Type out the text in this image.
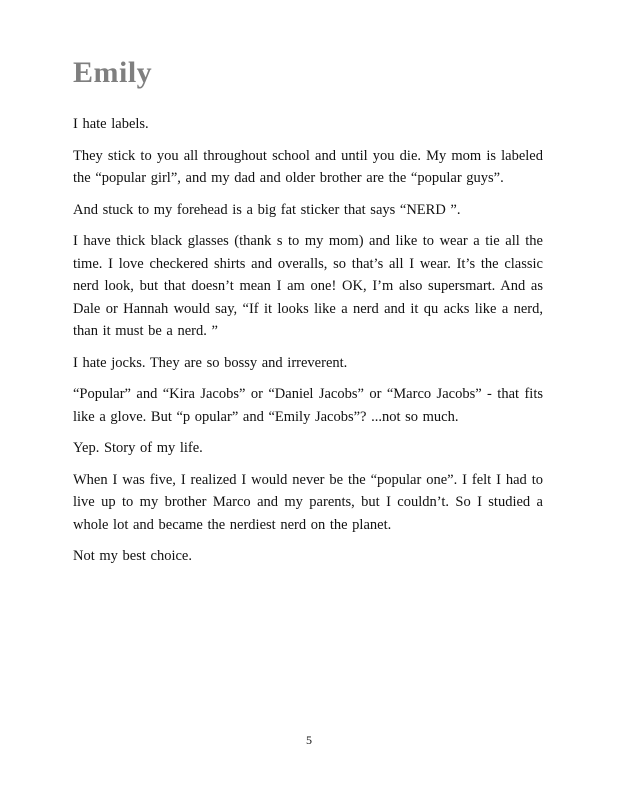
Emily

I hate labels.

They stick to you all throughout school and until you die. My mom is labeled the “popular girl”, and my dad and older brother are the “popular guys”.

And stuck to my forehead is a big fat sticker that says “NERD ”.

I have thick black glasses (thank s to my mom) and like to wear a tie all the time. I love checkered shirts and overalls, so that’s all I wear. It’s the classic nerd look, but that doesn’t mean I am one! OK, I’m also supersmart. And as Dale or Hannah would say, “If it looks like a nerd and it qu acks like a nerd, than it must be a nerd. ”

I hate jocks. They are so bossy and irreverent.

“Popular” and “Kira Jacobs” or “Daniel Jacobs” or “Marco Jacobs” - that fits like a glove. But “p opular” and “Emily Jacobs”? ...not so much.

Yep. Story of my life.

When I was five, I realized I would never be the “popular one”. I felt I had to live up to my brother Marco and my parents, but I couldn’t. So I studied a whole lot and became the nerdiest nerd on the planet.

Not my best choice.

5
